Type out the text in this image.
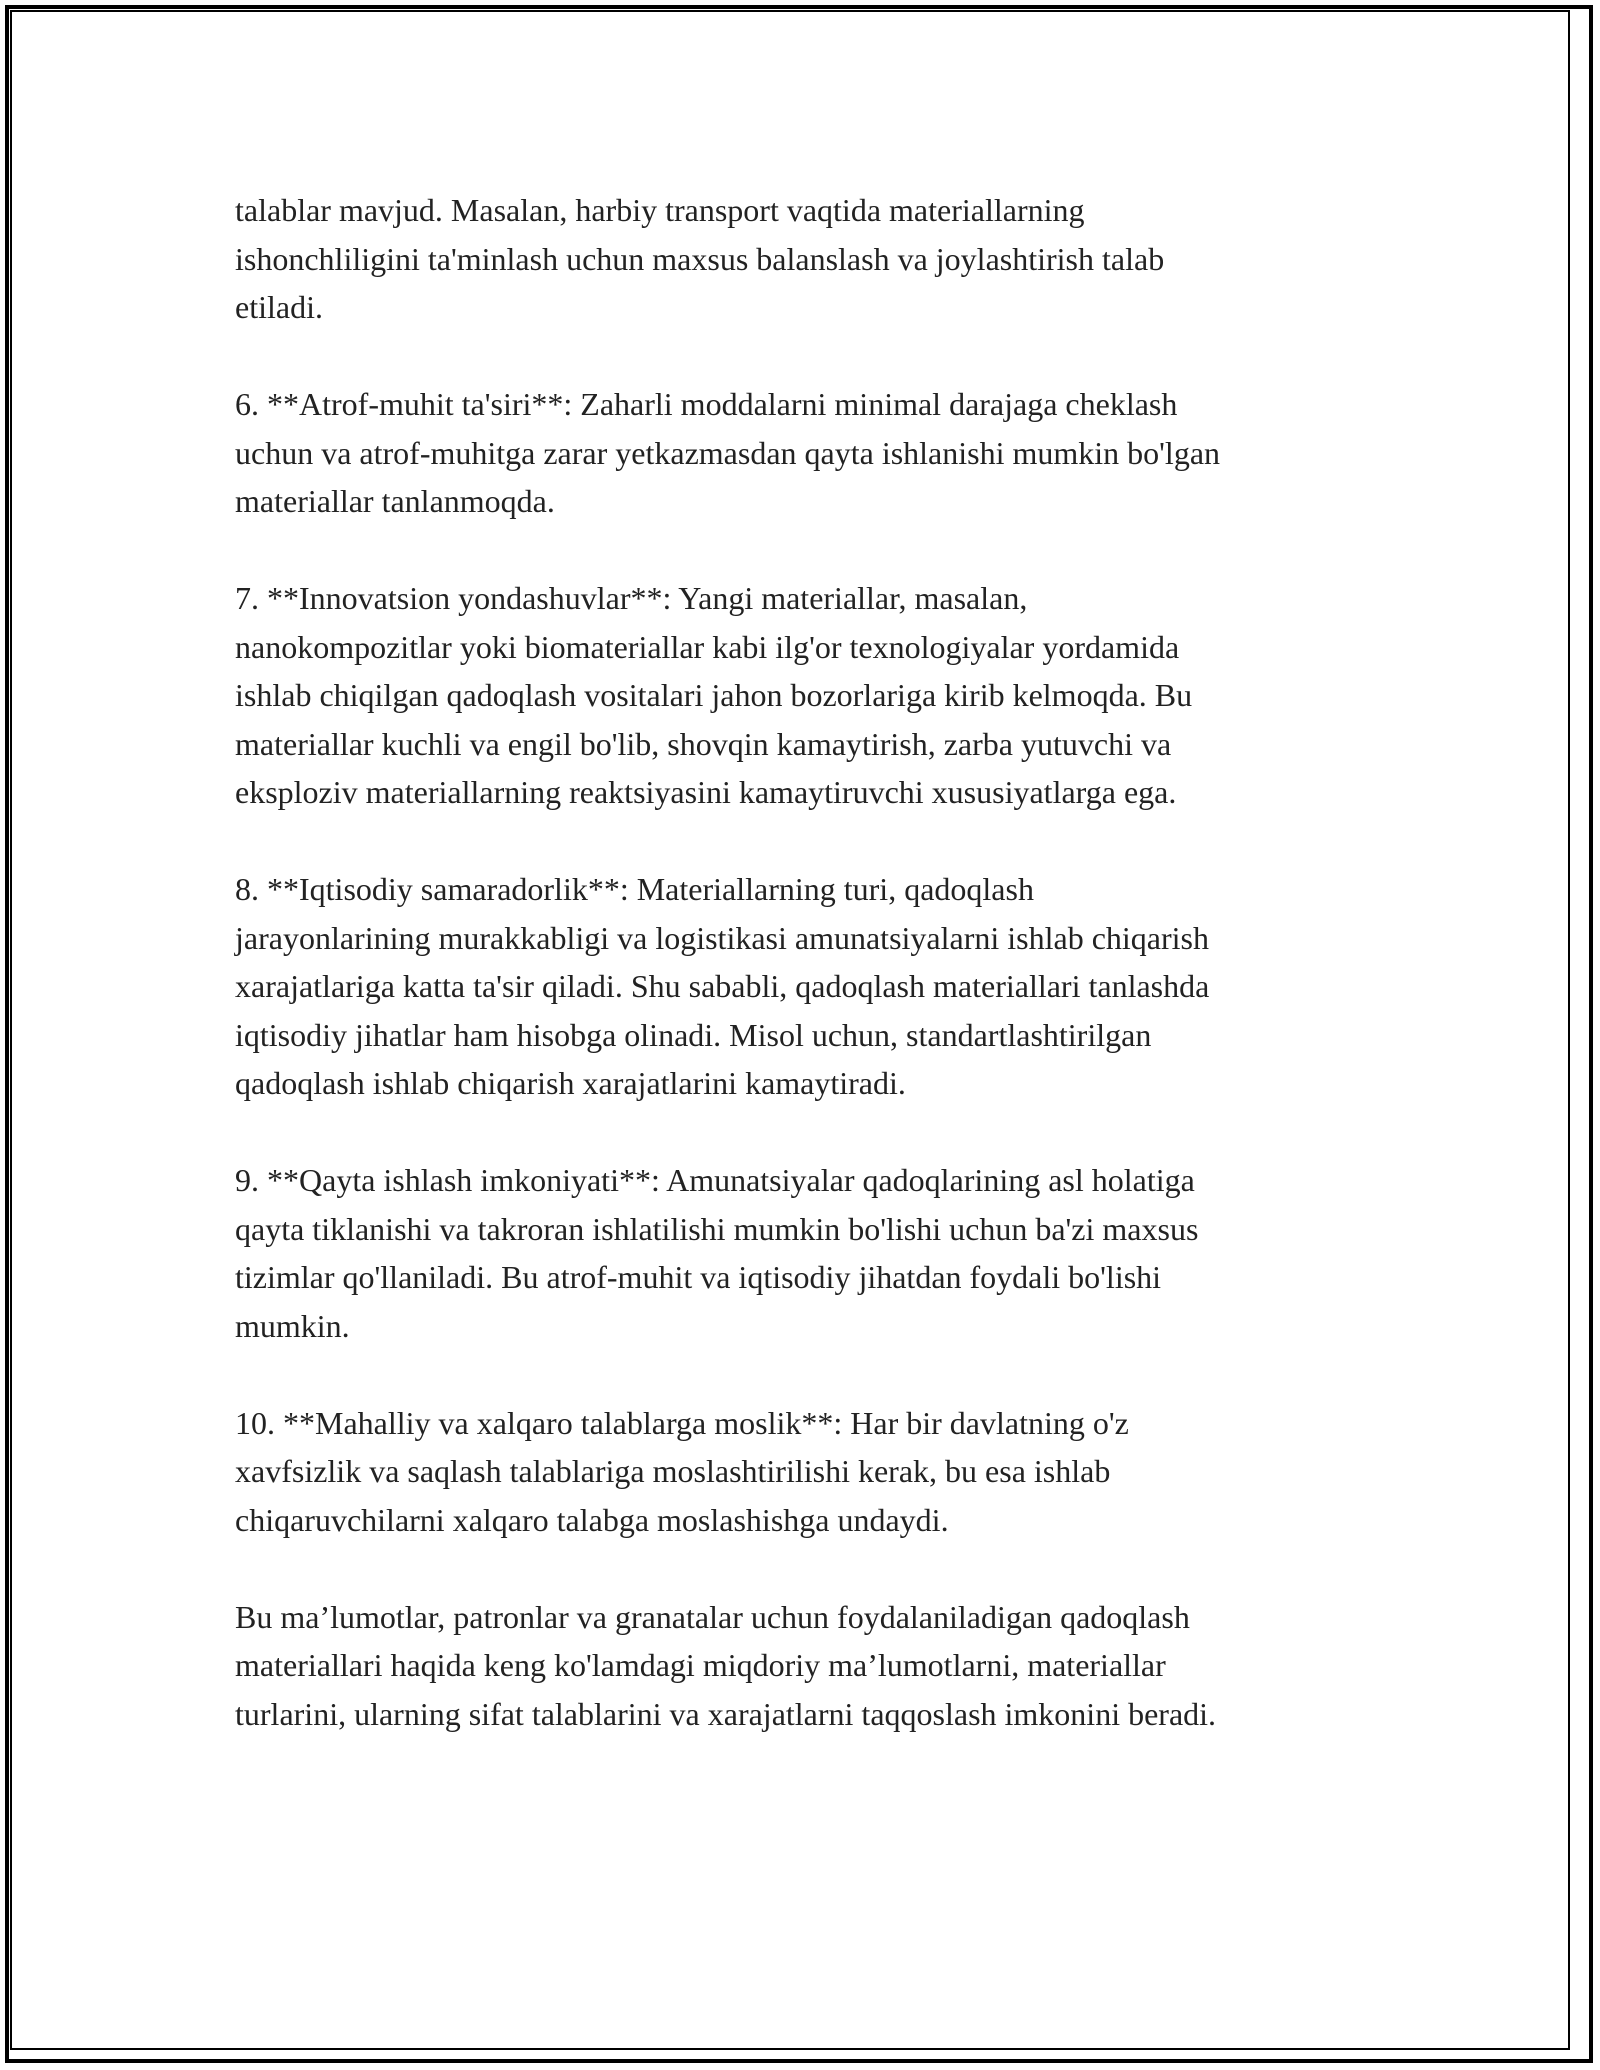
talablar mavjud. Masalan, harbiy transport vaqtida materiallarning
ishonchliligini ta'minlash uchun maxsus balanslash va joylashtirish talab
etiladi.

6. **Atrof-muhit ta'siri**: Zaharli moddalarni minimal darajaga cheklash
uchun va atrof-muhitga zarar yetkazmasdan qayta ishlanishi mumkin bo'lgan
materiallar tanlanmoqda.

7. **Innovatsion yondashuvlar**: Yangi materiallar, masalan,
nanokompozitlar yoki biomateriallar kabi ilg'or texnologiyalar yordamida
ishlab chiqilgan qadoqlash vositalari jahon bozorlariga kirib kelmoqda. Bu
materiallar kuchli va engil bo'lib, shovqin kamaytirish, zarba yutuvchi va
eksploziv materiallarning reaktsiyasini kamaytiruvchi xususiyatlarga ega.

8. **Iqtisodiy samaradorlik**: Materiallarning turi, qadoqlash
jarayonlarining murakkabligi va logistikasi amunatsiyalarni ishlab chiqarish
xarajatlariga katta ta'sir qiladi. Shu sababli, qadoqlash materiallari tanlashda
iqtisodiy jihatlar ham hisobga olinadi. Misol uchun, standartlashtirilgan
qadoqlash ishlab chiqarish xarajatlarini kamaytiradi.

9. **Qayta ishlash imkoniyati**: Amunatsiyalar qadoqlarining asl holatiga
qayta tiklanishi va takroran ishlatilishi mumkin bo'lishi uchun ba'zi maxsus
tizimlar qo'llaniladi. Bu atrof-muhit va iqtisodiy jihatdan foydali bo'lishi
mumkin.

10. **Mahalliy va xalqaro talablarga moslik**: Har bir davlatning o'z
xavfsizlik va saqlash talablariga moslashtirilishi kerak, bu esa ishlab
chiqaruvchilarni xalqaro talabga moslashishga undaydi.

Bu ma’lumotlar, patronlar va granatalar uchun foydalaniladigan qadoqlash
materiallari haqida keng ko'lamdagi miqdoriy ma’lumotlarni, materiallar
turlarini, ularning sifat talablarini va xarajatlarni taqqoslash imkonini beradi.
